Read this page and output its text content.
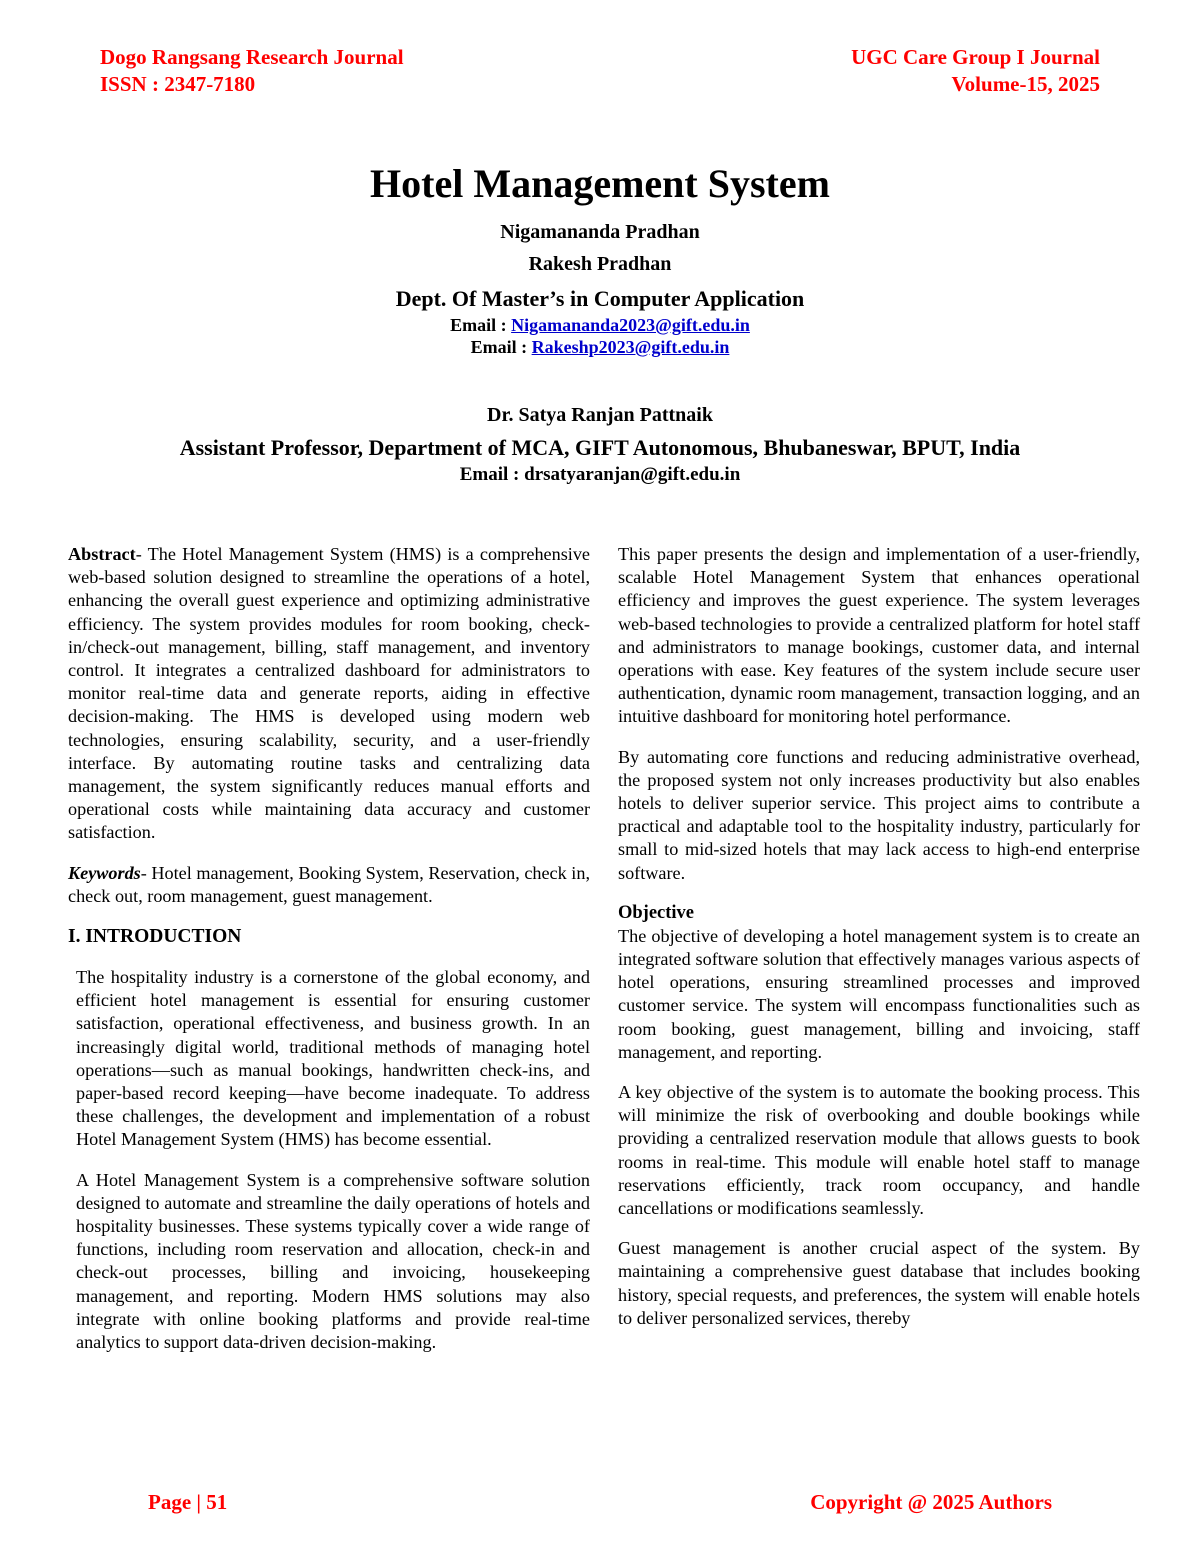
Dogo Rangsang Research Journal	UGC Care Group I Journal
ISSN : 2347-7180	Volume-15, 2025
Hotel Management System

Nigamananda Pradhan

Rakesh Pradhan

Dept. Of Master’s in Computer Application

Email : Nigamananda2023@gift.edu.in

Email : Rakeshp2023@gift.edu.in

Dr. Satya Ranjan Pattnaik

Assistant Professor, Department of MCA, GIFT Autonomous, Bhubaneswar, BPUT, India

Email : drsatyaranjan@gift.edu.in

Abstract- The Hotel Management System (HMS) is a comprehensive web-based solution designed to streamline the operations of a hotel, enhancing the overall guest experience and optimizing administrative efficiency. The system provides modules for room booking, check-in/check-out management, billing, staff management, and inventory control. It integrates a centralized dashboard for administrators to monitor real-time data and generate reports, aiding in effective decision-making. The HMS is developed using modern web technologies, ensuring scalability, security, and a user-friendly interface. By automating routine tasks and centralizing data management, the system significantly reduces manual efforts and operational costs while maintaining data accuracy and customer satisfaction.

Keywords- Hotel management, Booking System, Reservation, check in, check out, room management, guest management.

I. INTRODUCTION

The hospitality industry is a cornerstone of the global economy, and efficient hotel management is essential for ensuring customer satisfaction, operational effectiveness, and business growth. In an increasingly digital world, traditional methods of managing hotel operations—such as manual bookings, handwritten check-ins, and paper-based record keeping—have become inadequate. To address these challenges, the development and implementation of a robust Hotel Management System (HMS) has become essential.

A Hotel Management System is a comprehensive software solution designed to automate and streamline the daily operations of hotels and hospitality businesses. These systems typically cover a wide range of functions, including room reservation and allocation, check-in and check-out processes, billing and invoicing, housekeeping management, and reporting. Modern HMS solutions may also integrate with online booking platforms and provide real-time analytics to support data-driven decision-making.

This paper presents the design and implementation of a user-friendly, scalable Hotel Management System that enhances operational efficiency and improves the guest experience. The system leverages web-based technologies to provide a centralized platform for hotel staff and administrators to manage bookings, customer data, and internal operations with ease. Key features of the system include secure user authentication, dynamic room management, transaction logging, and an intuitive dashboard for monitoring hotel performance.

By automating core functions and reducing administrative overhead, the proposed system not only increases productivity but also enables hotels to deliver superior service. This project aims to contribute a practical and adaptable tool to the hospitality industry, particularly for small to mid-sized hotels that may lack access to high-end enterprise software.

Objective

The objective of developing a hotel management system is to create an integrated software solution that effectively manages various aspects of hotel operations, ensuring streamlined processes and improved customer service. The system will encompass functionalities such as room booking, guest management, billing and invoicing, staff management, and reporting.

A key objective of the system is to automate the booking process. This will minimize the risk of overbooking and double bookings while providing a centralized reservation module that allows guests to book rooms in real-time. This module will enable hotel staff to manage reservations efficiently, track room occupancy, and handle cancellations or modifications seamlessly.

Guest management is another crucial aspect of the system. By maintaining a comprehensive guest database that includes booking history, special requests, and preferences, the system will enable hotels to deliver personalized services, thereby

Page | 51	Copyright @ 2025 Authors
